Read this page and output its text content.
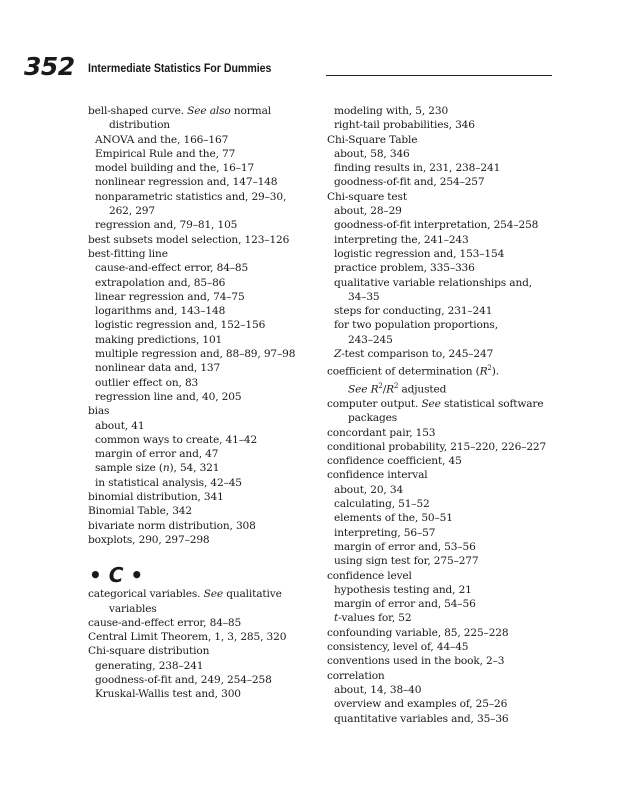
352 Intermediate Statistics For Dummies
bell-shaped curve. See also normal
distribution
ANOVA and the, 166–167
Empirical Rule and the, 77
model building and the, 16–17
nonlinear regression and, 147–148
nonparametric statistics and, 29–30,
262, 297
regression and, 79–81, 105
best subsets model selection, 123–126
best-fitting line
cause-and-effect error, 84–85
extrapolation and, 85–86
linear regression and, 74–75
logarithms and, 143–148
logistic regression and, 152–156
making predictions, 101
multiple regression and, 88–89, 97–98
nonlinear data and, 137
outlier effect on, 83
regression line and, 40, 205
bias
about, 41
common ways to create, 41–42
margin of error and, 47
sample size (n), 54, 321
in statistical analysis, 42–45
binomial distribution, 341
Binomial Table, 342
bivariate norm distribution, 308
boxplots, 290, 297–298
• C •
categorical variables. See qualitative
variables
cause-and-effect error, 84–85
Central Limit Theorem, 1, 3, 285, 320
Chi-square distribution
generating, 238–241
goodness-of-fit and, 249, 254–258
Kruskal-Wallis test and, 300
modeling with, 5, 230
right-tail probabilities, 346
Chi-Square Table
about, 58, 346
finding results in, 231, 238–241
goodness-of-fit and, 254–257
Chi-square test
about, 28–29
goodness-of-fit interpretation, 254–258
interpreting the, 241–243
logistic regression and, 153–154
practice problem, 335–336
qualitative variable relationships and,
34–35
steps for conducting, 231–241
for two population proportions,
243–245
Z-test comparison to, 245–247
coefficient of determination $(R^2)$.
See $R^2/R^2$ adjusted
computer output. See statistical software
packages
concordant pair, 153
conditional probability, 215–220, 226–227
confidence coefficient, 45
confidence interval
about, 20, 34
calculating, 51–52
elements of the, 50–51
interpreting, 56–57
margin of error and, 53–56
using sign test for, 275–277
confidence level
hypothesis testing and, 21
margin of error and, 54–56
t-values for, 52
confounding variable, 85, 225–228
consistency, level of, 44–45
conventions used in the book, 2–3
correlation
about, 14, 38–40
overview and examples of, 25–26
quantitative variables and, 35–36
